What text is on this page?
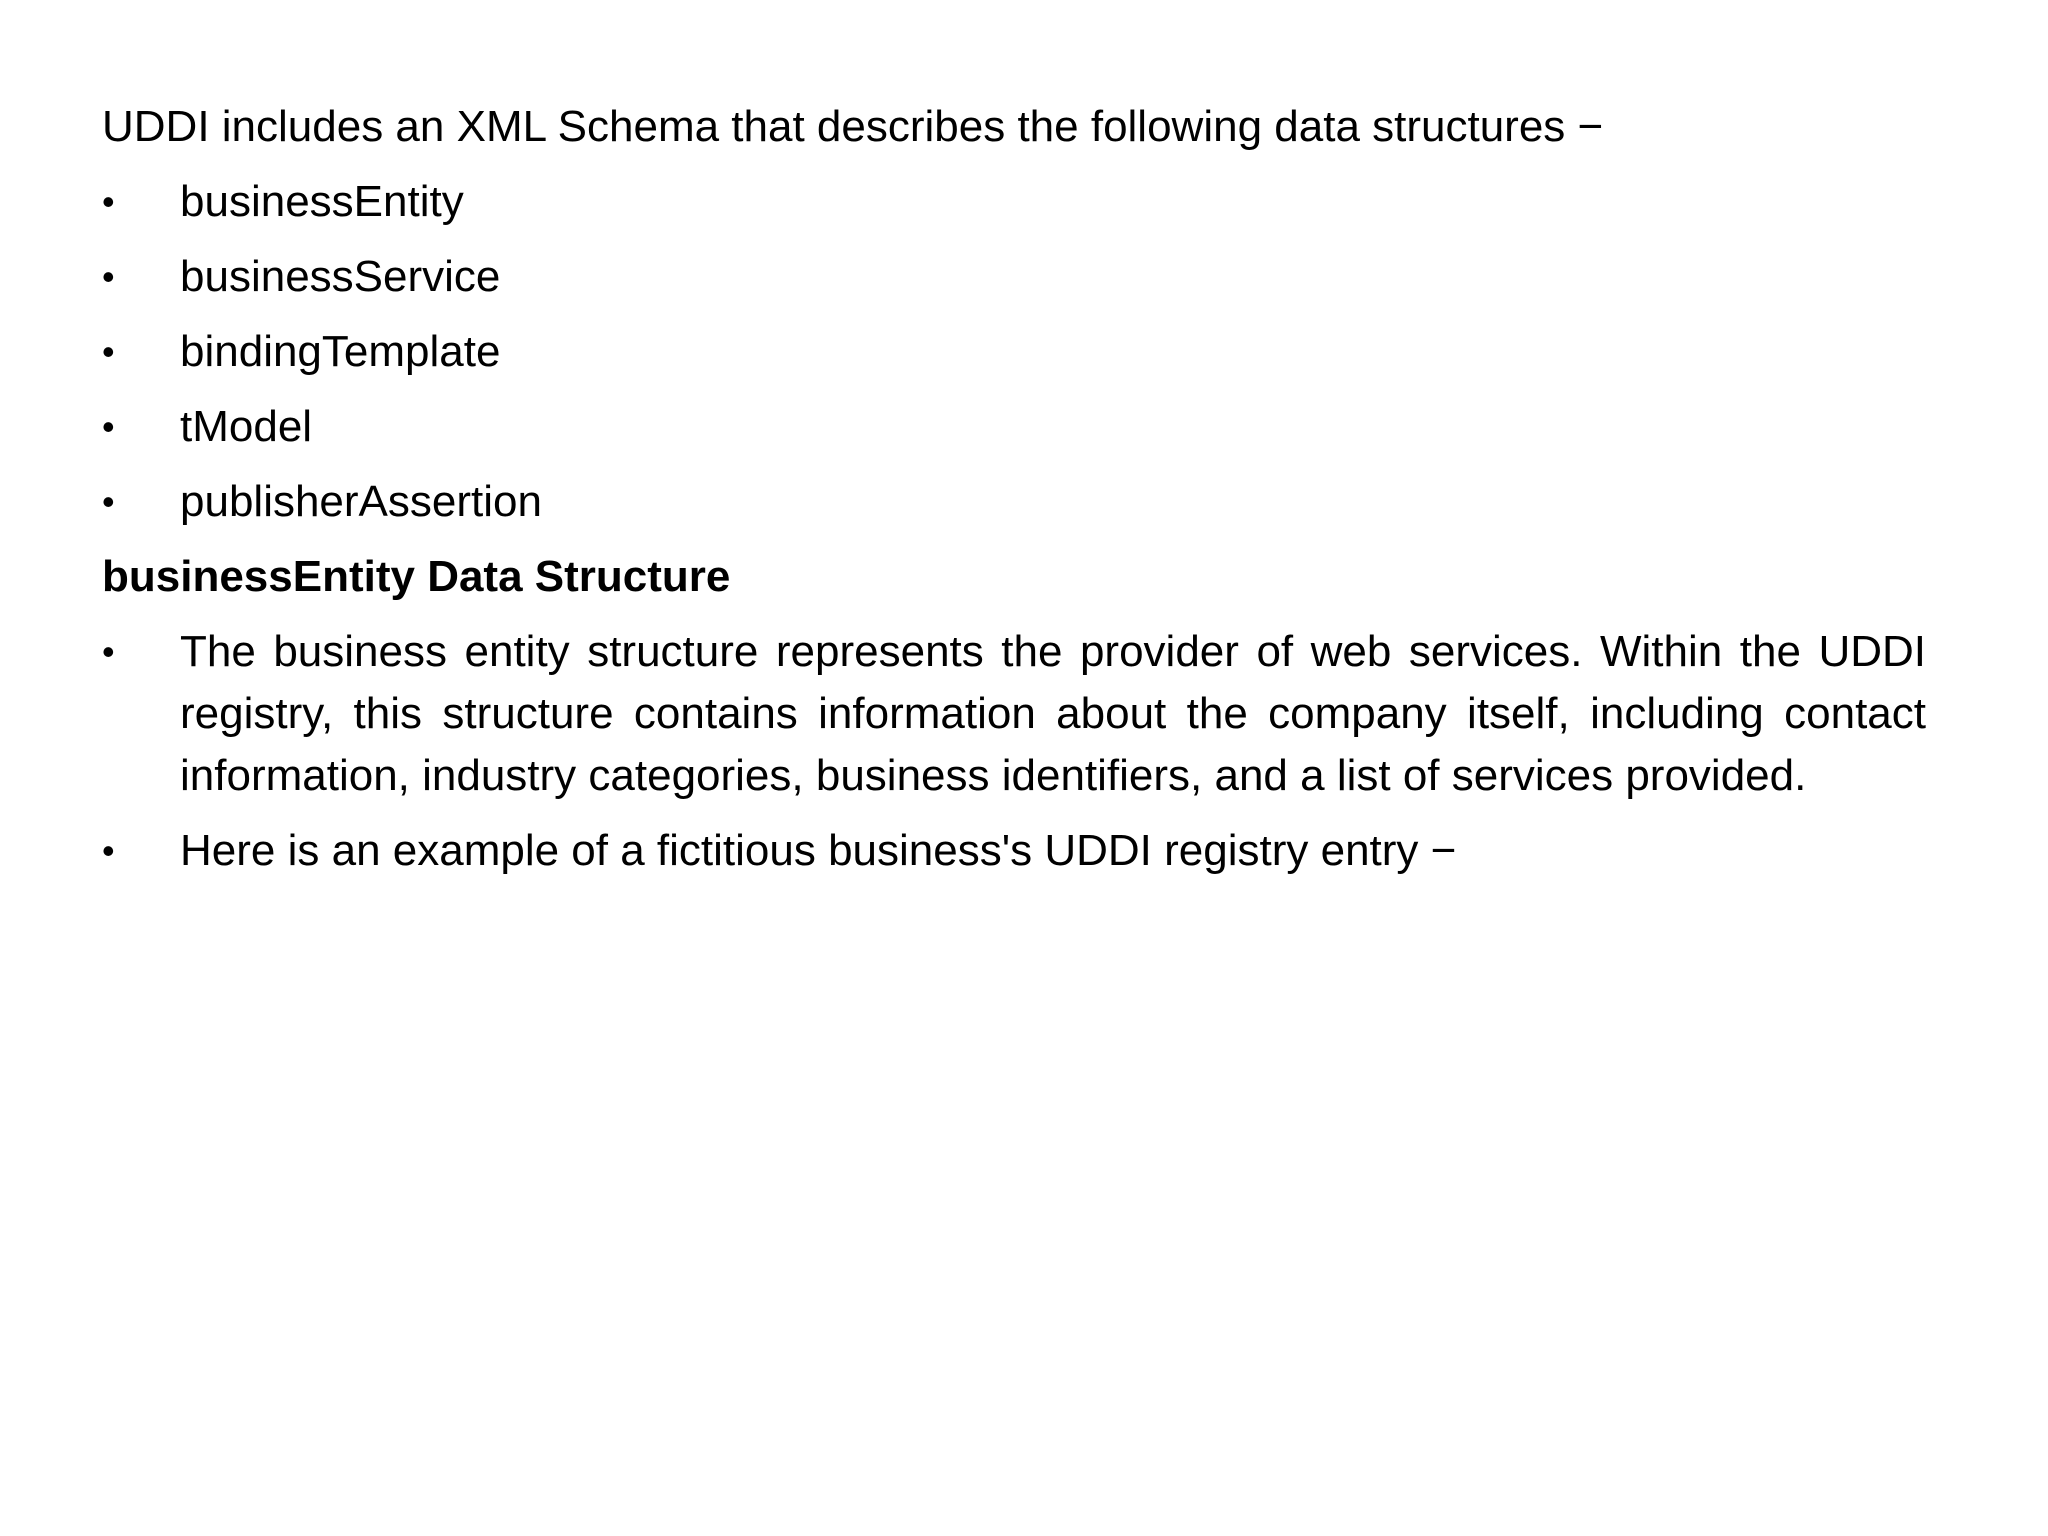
UDDI includes an XML Schema that describes the following data structures −

•	businessEntity
•	businessService
•	bindingTemplate
•	tModel
•	publisherAssertion

businessEntity Data Structure

•	The business entity structure represents the provider of web services. Within the UDDI registry, this structure contains information about the company itself, including contact information, industry categories, business identifiers, and a list of services provided.
•	Here is an example of a fictitious business's UDDI registry entry −
